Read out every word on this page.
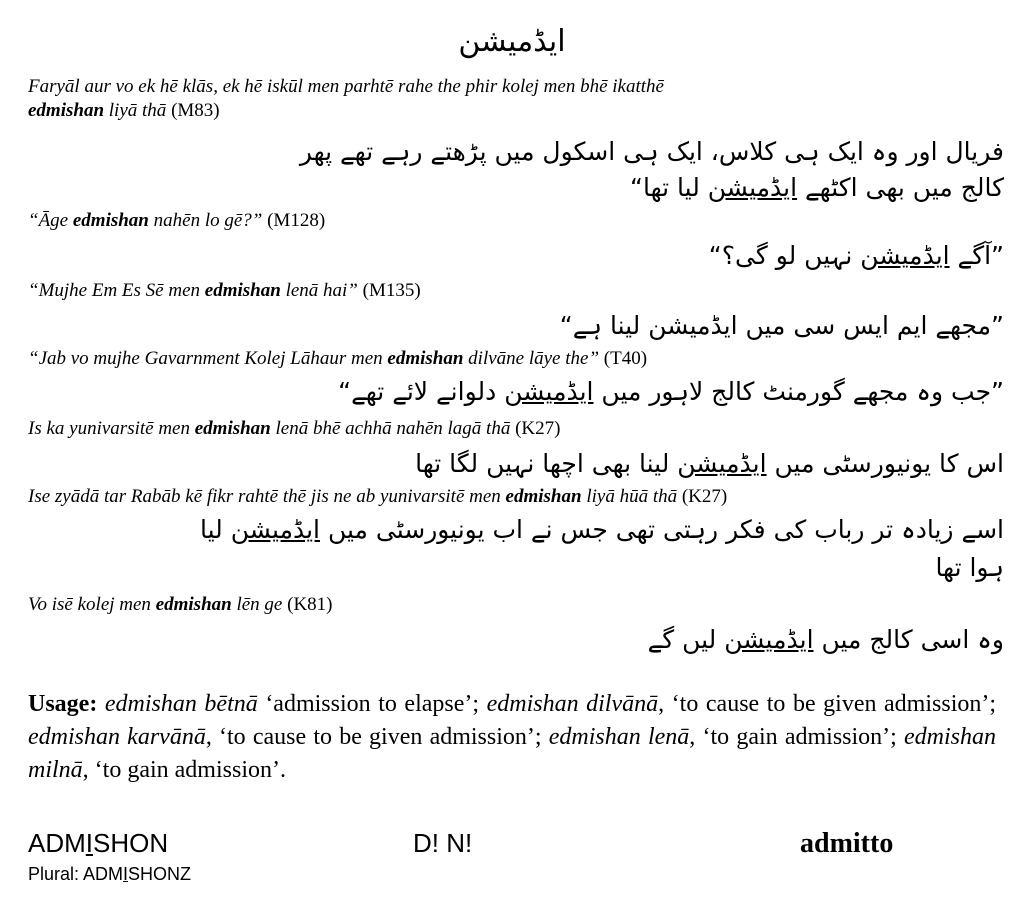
ایڈمیشن
Faryāl aur vo ek hē klās, ek hē iskūl men parhtē rahe the phir kolej men bhē ikatthē
edmishan liyā thā (M83)
فریال اور وہ ایک ہی کلاس، ایک ہی اسکول میں پڑھتے رہے تھے پھر
کالج میں بھی اکٹھے ایڈمیشن لیا تھا“
“Āge edmishan nahēn lo gē?” (M128)
”آگے ایڈمیشن نہیں لو گی؟“
“Mujhe Em Es Sē men edmishan lenā hai” (M135)
”مجھے ایم ایس سی میں ایڈمیشن لینا ہے“
“Jab vo mujhe Gavarnment Kolej Lāhaur men edmishan dilvāne lāye the” (T40)
”جب وہ مجھے گورمنٹ کالج لاہور میں ایڈمیشن دلوانے لائے تھے“
Is ka yunivarsitē men edmishan lenā bhē achhā nahēn lagā thā (K27)
اس کا یونیورسٹی میں ایڈمیشن لینا بھی اچھا نہیں لگا تھا
Ise zyādā tar Rabāb kē fikr rahtē thē jis ne ab yunivarsitē men edmishan liyā hūā thā (K27)
اسے زیادہ تر رباب کی فکر رہتی تھی جس نے اب یونیورسٹی میں ایڈمیشن لیا
ہوا تھا
Vo isē kolej men edmishan lēn ge (K81)
وہ اسی کالج میں ایڈمیشن لیں گے
Usage: edmishan bētnā ‘admission to elapse’; edmishan dilvānā, ‘to cause to be given admission’; edmishan karvānā, ‘to cause to be given admission’; edmishan lenā, ‘to gain admission’; edmishan milnā, ‘to gain admission’.
ADMISHON	D! N!	admitto
Plural: ADMISHONZ
